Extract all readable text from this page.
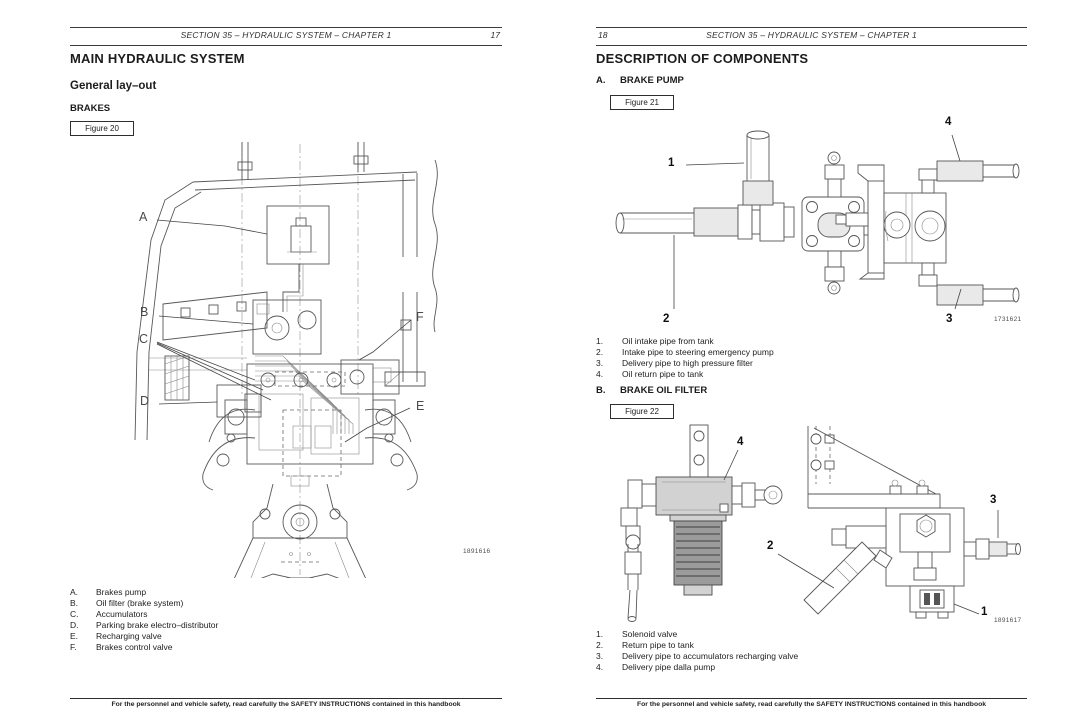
SECTION 35 – HYDRAULIC SYSTEM – CHAPTER 1	17
MAIN HYDRAULIC SYSTEM
General lay–out
BRAKES
Figure 20
A
B
C
D	E
F
1891616
A. Brakes pump
B. Oil filter (brake system)
C. Accumulators
D. Parking brake electro–distributor
E. Recharging valve
F. Brakes control valve
For the personnel and vehicle safety, read carefully the SAFETY INSTRUCTIONS contained in this handbook
18	SECTION 35 – HYDRAULIC SYSTEM – CHAPTER 1
DESCRIPTION OF COMPONENTS
A. BRAKE PUMP
Figure 21
1
2	3
4
1731621
1. Oil intake pipe from tank
2. Intake pipe to steering emergency pump
3. Delivery pipe to high pressure filter
4. Oil return pipe to tank
B. BRAKE OIL FILTER
Figure 22
4
2
3
1
1891617
1. Solenoid valve
2. Return pipe to tank
3. Delivery pipe to accumulators recharging valve
4. Delivery pipe dalla pump
For the personnel and vehicle safety, read carefully the SAFETY INSTRUCTIONS contained in this handbook
